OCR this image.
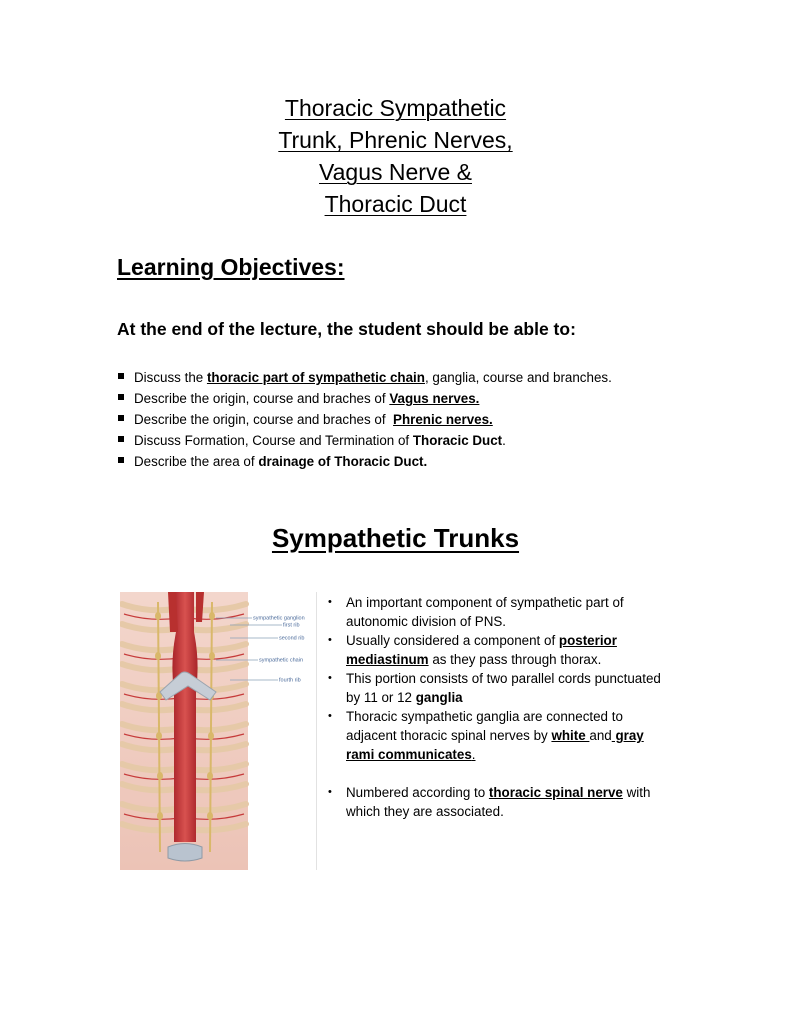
Thoracic Sympathetic
Trunk, Phrenic Nerves,
Vagus Nerve &
Thoracic Duct
Learning Objectives:

At the end of the lecture, the student should be able to:

Discuss the thoracic part of sympathetic chain, ganglia, course and branches.
Describe the origin, course and braches of Vagus nerves.
Describe the origin, course and braches of  Phrenic nerves.
Discuss Formation, Course and Termination of Thoracic Duct.
Describe the area of drainage of Thoracic Duct.
Sympathetic Trunks
sympathetic ganglion
first rib
second rib
sympathetic chain
fourth rib
• An important component of sympathetic part of autonomic division of PNS.
• Usually considered a component of posterior mediastinum as they pass through thorax.
• This portion consists of two parallel cords punctuated by 11 or 12 ganglia
• Thoracic sympathetic ganglia are connected to adjacent thoracic spinal nerves by white and gray rami communicates.
• Numbered according to thoracic spinal nerve with which they are associated.
